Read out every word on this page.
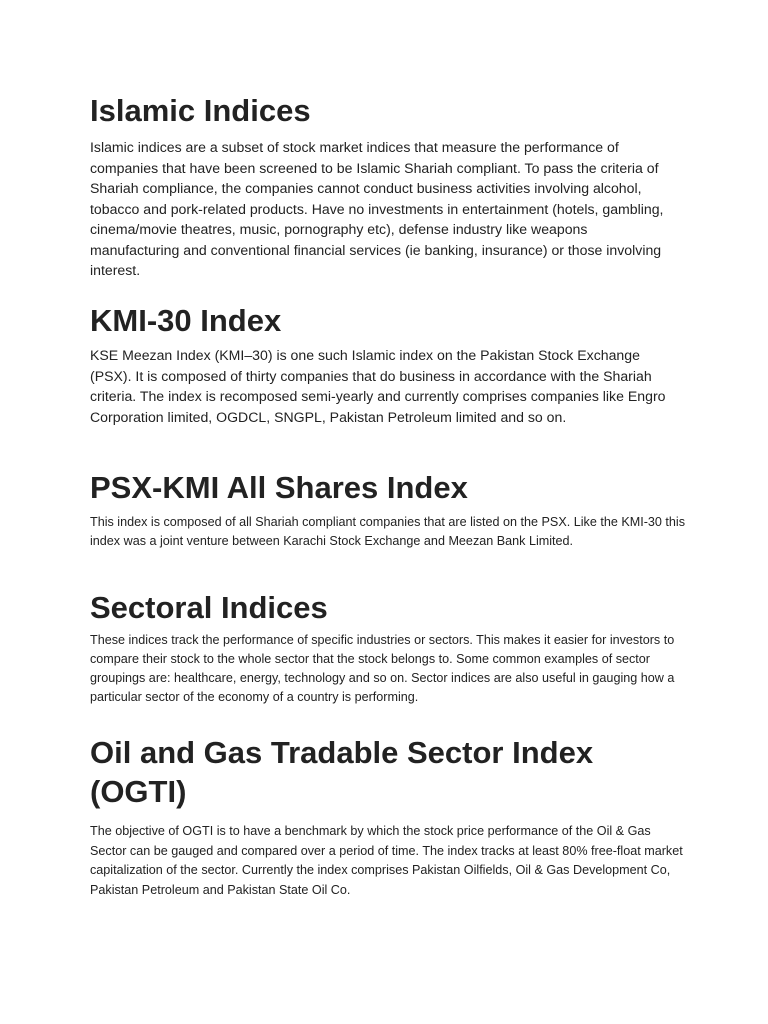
Islamic Indices

Islamic indices are a subset of stock market indices that measure the performance of companies that have been screened to be Islamic Shariah compliant. To pass the criteria of Shariah compliance, the companies cannot conduct business activities involving alcohol, tobacco and pork-related products. Have no investments in entertainment (hotels, gambling, cinema/movie theatres, music, pornography etc), defense industry like weapons manufacturing and conventional financial services (ie banking, insurance) or those involving interest.

KMI-30 Index

KSE Meezan Index (KMI–30) is one such Islamic index on the Pakistan Stock Exchange (PSX). It is composed of thirty companies that do business in accordance with the Shariah criteria. The index is recomposed semi-yearly and currently comprises companies like Engro Corporation limited, OGDCL, SNGPL, Pakistan Petroleum limited and so on.

PSX-KMI All Shares Index

This index is composed of all Shariah compliant companies that are listed on the PSX. Like the KMI-30 this index was a joint venture between Karachi Stock Exchange and Meezan Bank Limited.

Sectoral Indices

These indices track the performance of specific industries or sectors. This makes it easier for investors to compare their stock to the whole sector that the stock belongs to. Some common examples of sector groupings are: healthcare, energy, technology and so on. Sector indices are also useful in gauging how a particular sector of the economy of a country is performing.

Oil and Gas Tradable Sector Index (OGTI)

The objective of OGTI is to have a benchmark by which the stock price performance of the Oil & Gas Sector can be gauged and compared over a period of time. The index tracks at least 80% free-float market capitalization of the sector. Currently the index comprises Pakistan Oilfields, Oil & Gas Development Co, Pakistan Petroleum and Pakistan State Oil Co.
